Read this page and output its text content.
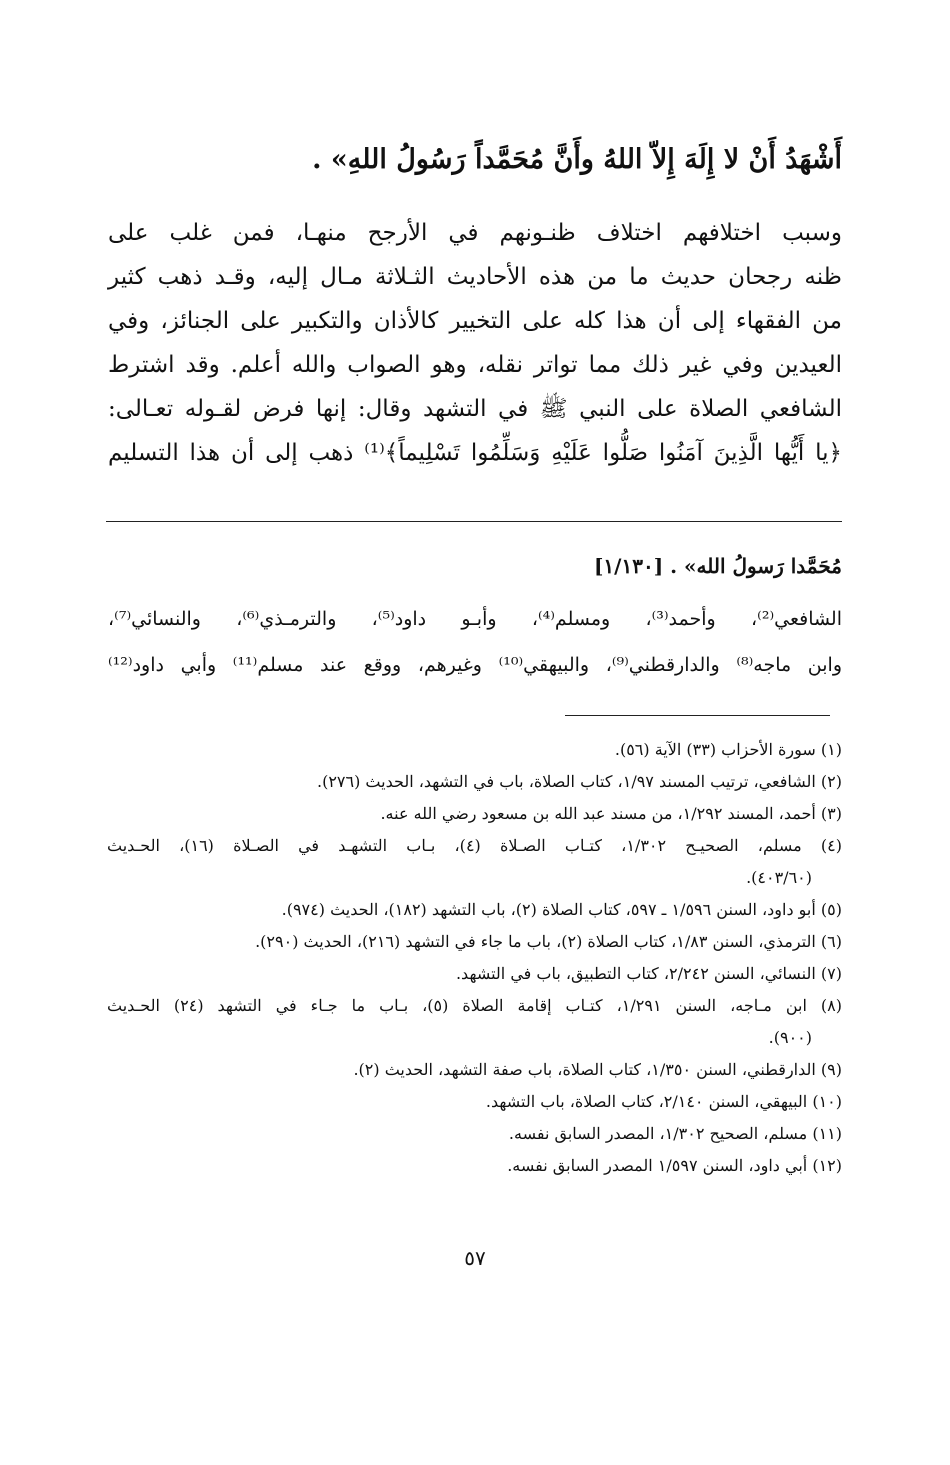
أَشْهَدُ أَنْ لا إِلَهَ إِلاّ اللهُ وأَنَّ مُحَمَّداً رَسُولُ اللهِ» .
وسبب اختلافهم اختلاف ظنـونهم في الأرجح منهـا، فمن غلب على
ظنه رجحان حديث ما من هذه الأحاديث الثـلاثة مـال إليه، وقـد ذهب كثير
من الفقهاء إلى أن هذا كله على التخيير كالأذان والتكبير على الجنائز، وفي
العيدين وفي غير ذلك مما تواتر نقله، وهو الصواب والله أعلم. وقد اشترط
الشافعي الصلاة على النبي ﷺ في التشهد وقال: إنها فرض لقـوله تعـالى:
﴿يا أَيُّها الَّذِينَ آمَنُوا صَلُّوا عَلَيْهِ وَسَلِّمُوا تَسْلِيماً﴾⁽¹⁾ ذهب إلى أن هذا التسليم
مُحَمَّدا رَسولُ الله» . [١/١٣٠]
الشافعي⁽²⁾، وأحمد⁽³⁾، ومسلم⁽⁴⁾، وأبـو داود⁽⁵⁾، والترمـذي⁽⁶⁾، والنسائي⁽⁷⁾،
وابن ماجه⁽⁸⁾ والدارقطني⁽⁹⁾، والبيهقي⁽¹⁰⁾ وغيرهم، ووقع عند مسلم⁽¹¹⁾ وأبي داود⁽¹²⁾
(١) سورة الأحزاب (٣٣) الآية (٥٦).
(٢) الشافعي، ترتيب المسند ١/٩٧، كتاب الصلاة، باب في التشهد، الحديث (٢٧٦).
(٣) أحمد، المسند ١/٢٩٢، من مسند عبد الله بن مسعود رضي الله عنه.
(٤) مسلم، الصحيـح ١/٣٠٢، كتـاب الصـلاة (٤)، بـاب التشهـد في الصـلاة (١٦)، الحـديث
(٤٠٣/٦٠).
(٥) أبو داود، السنن ١/٥٩٦ ـ ٥٩٧، كتاب الصلاة (٢)، باب التشهد (١٨٢)، الحديث (٩٧٤).
(٦) الترمذي، السنن ١/٨٣، كتاب الصلاة (٢)، باب ما جاء في التشهد (٢١٦)، الحديث (٢٩٠).
(٧) النسائي، السنن ٢/٢٤٢، كتاب التطبيق، باب في التشهد.
(٨) ابن مـاجه، السنن ١/٢٩١، كتـاب إقامة الصلاة (٥)، بـاب ما جـاء في التشهد (٢٤) الحـديث
(٩٠٠).
(٩) الدارقطني، السنن ١/٣٥٠، كتاب الصلاة، باب صفة التشهد، الحديث (٢).
(١٠) البيهقي، السنن ٢/١٤٠، كتاب الصلاة، باب التشهد.
(١١) مسلم، الصحيح ١/٣٠٢، المصدر السابق نفسه.
(١٢) أبي داود، السنن ١/٥٩٧ المصدر السابق نفسه.
٥٧
